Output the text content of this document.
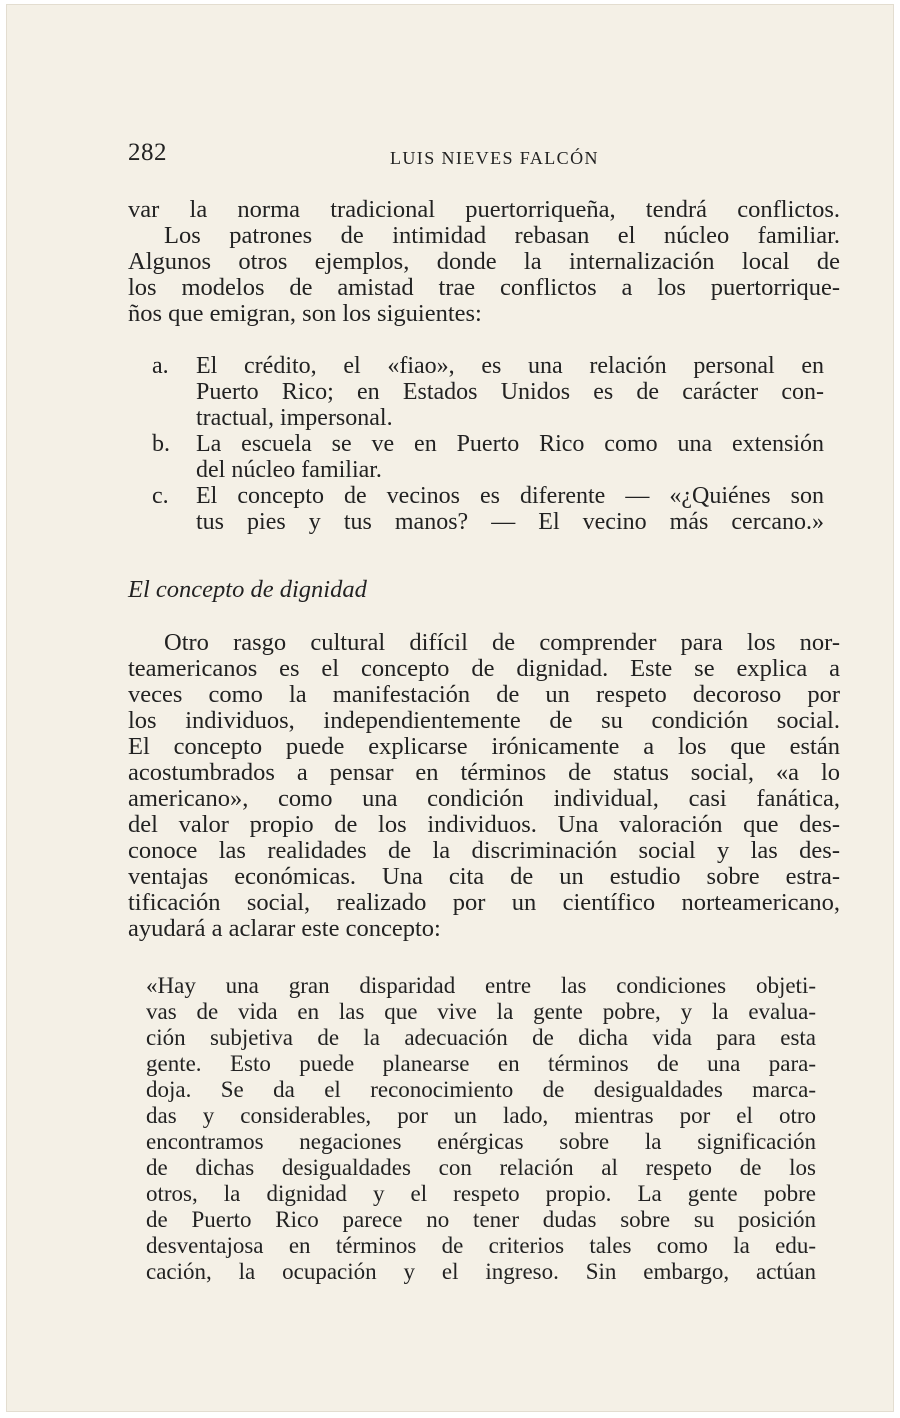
282	LUIS NIEVES FALCÓN
var la norma tradicional puertorriqueña, tendrá conflictos.
Los patrones de intimidad rebasan el núcleo familiar.
Algunos otros ejemplos, donde la internalización local de
los modelos de amistad trae conflictos a los puertorrique-
ños que emigran, son los siguientes:
a. El crédito, el «fiao», es una relación personal en
Puerto Rico; en Estados Unidos es de carácter con-
tractual, impersonal.
b. La escuela se ve en Puerto Rico como una extensión
del núcleo familiar.
c. El concepto de vecinos es diferente — «¿Quiénes son
tus pies y tus manos? — El vecino más cercano.»
El concepto de dignidad
Otro rasgo cultural difícil de comprender para los nor-
teamericanos es el concepto de dignidad. Este se explica a
veces como la manifestación de un respeto decoroso por
los individuos, independientemente de su condición social.
El concepto puede explicarse irónicamente a los que están
acostumbrados a pensar en términos de status social, «a lo
americano», como una condición individual, casi fanática,
del valor propio de los individuos. Una valoración que des-
conoce las realidades de la discriminación social y las des-
ventajas económicas. Una cita de un estudio sobre estra-
tificación social, realizado por un científico norteamericano,
ayudará a aclarar este concepto:
«Hay una gran disparidad entre las condiciones objeti-
vas de vida en las que vive la gente pobre, y la evalua-
ción subjetiva de la adecuación de dicha vida para esta
gente. Esto puede planearse en términos de una para-
doja. Se da el reconocimiento de desigualdades marca-
das y considerables, por un lado, mientras por el otro
encontramos negaciones enérgicas sobre la significación
de dichas desigualdades con relación al respeto de los
otros, la dignidad y el respeto propio. La gente pobre
de Puerto Rico parece no tener dudas sobre su posición
desventajosa en términos de criterios tales como la edu-
cación, la ocupación y el ingreso. Sin embargo, actúan
